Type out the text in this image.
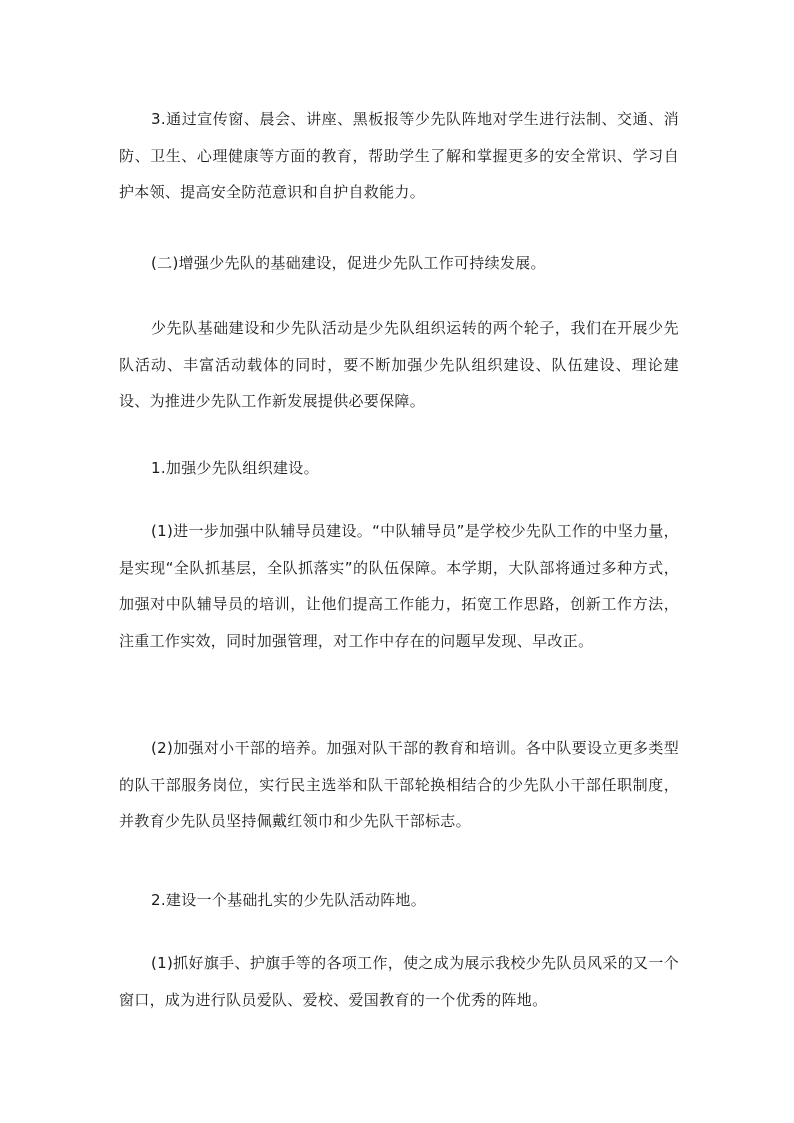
3.通过宣传窗、晨会、讲座、黑板报等少先队阵地对学生进行法制、交通、消防、卫生、心理健康等方面的教育，帮助学生了解和掌握更多的安全常识、学习自护本领、提高安全防范意识和自护自救能力。

(二)增强少先队的基础建设，促进少先队工作可持续发展。

少先队基础建设和少先队活动是少先队组织运转的两个轮子，我们在开展少先队活动、丰富活动载体的同时，要不断加强少先队组织建设、队伍建设、理论建设、为推进少先队工作新发展提供必要保障。

1.加强少先队组织建设。

(1)进一步加强中队辅导员建设。“中队辅导员”是学校少先队工作的中坚力量，是实现“全队抓基层，全队抓落实”的队伍保障。本学期，大队部将通过多种方式，加强对中队辅导员的培训，让他们提高工作能力，拓宽工作思路，创新工作方法，注重工作实效，同时加强管理，对工作中存在的问题早发现、早改正。

(2)加强对小干部的培养。加强对队干部的教育和培训。各中队要设立更多类型的队干部服务岗位，实行民主选举和队干部轮换相结合的少先队小干部任职制度，并教育少先队员坚持佩戴红领巾和少先队干部标志。

2.建设一个基础扎实的少先队活动阵地。

(1)抓好旗手、护旗手等的各项工作，使之成为展示我校少先队员风采的又一个窗口，成为进行队员爱队、爱校、爱国教育的一个优秀的阵地。
